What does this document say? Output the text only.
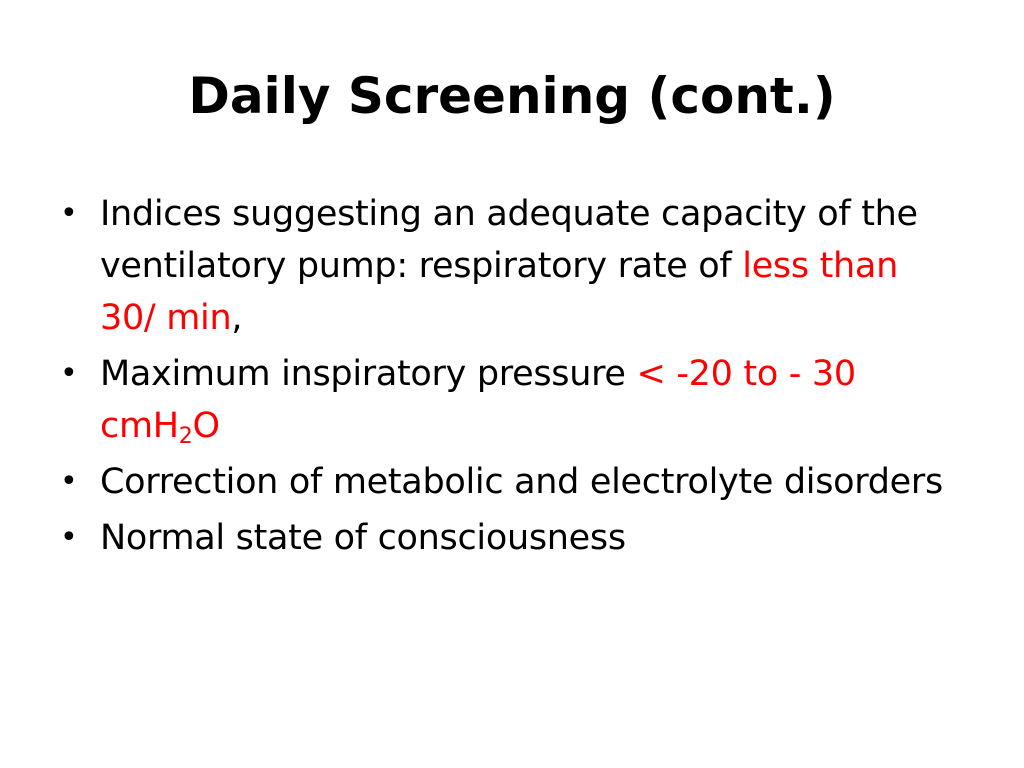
Daily Screening (cont.)
• Indices suggesting an adequate capacity of the ventilatory pump: respiratory rate of less than 30/ min,
• Maximum inspiratory pressure < -20 to - 30 cmH$_2$O
• Correction of metabolic and electrolyte disorders
• Normal state of consciousness
